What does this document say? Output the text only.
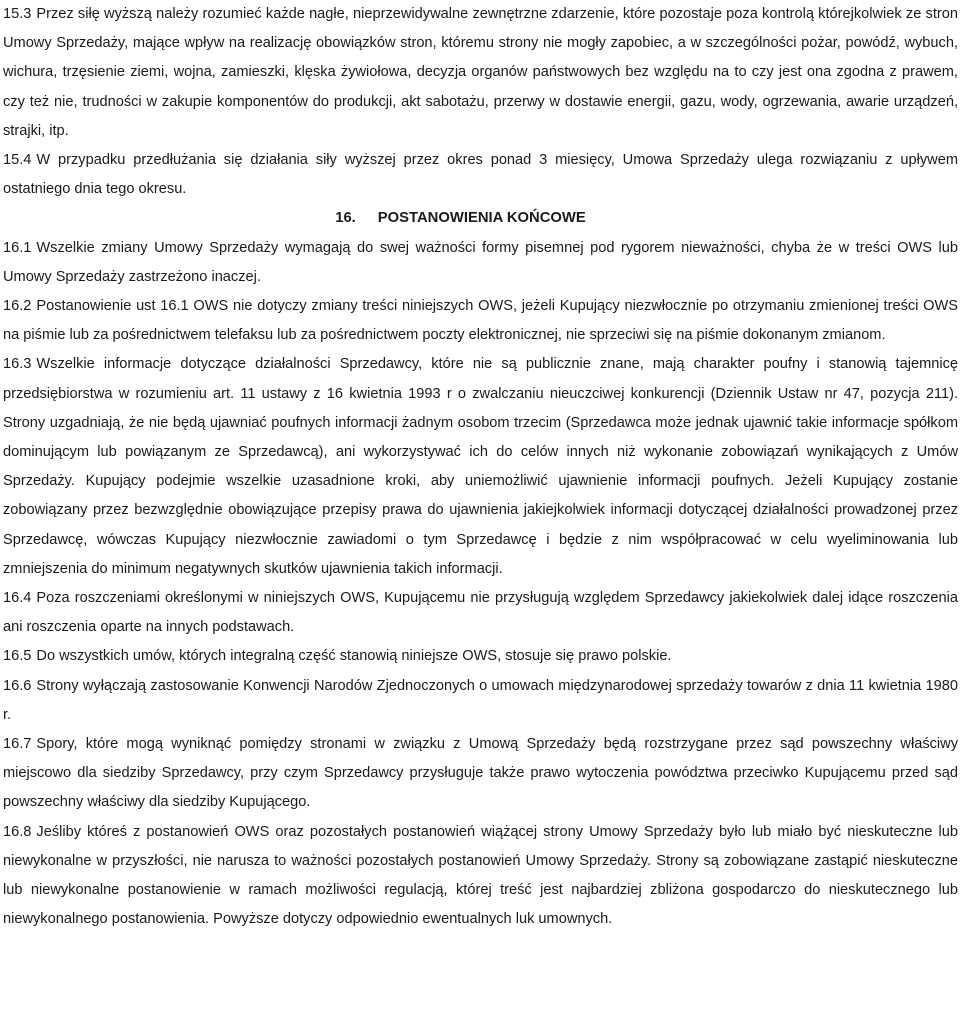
15.3 Przez siłę wyższą należy rozumieć każde nagłe, nieprzewidywalne zewnętrzne zdarzenie, które pozostaje poza kontrolą którejkolwiek ze stron Umowy Sprzedaży, mające wpływ na realizację obowiązków stron, któremu strony nie mogły zapobiec, a w szczególności pożar, powódź, wybuch, wichura, trzęsienie ziemi, wojna, zamieszki, klęska żywiołowa, decyzja organów państwowych bez względu na to czy jest ona zgodna z prawem, czy też nie, trudności w zakupie komponentów do produkcji, akt sabotażu, przerwy w dostawie energii, gazu, wody, ogrzewania, awarie urządzeń, strajki, itp.

15.4 W przypadku przedłużania się działania siły wyższej przez okres ponad 3 miesięcy, Umowa Sprzedaży ulega rozwiązaniu z upływem ostatniego dnia tego okresu.

16. POSTANOWIENIA KOŃCOWE

16.1 Wszelkie zmiany Umowy Sprzedaży wymagają do swej ważności formy pisemnej pod rygorem nieważności, chyba że w treści OWS lub Umowy Sprzedaży zastrzeżono inaczej.

16.2 Postanowienie ust 16.1 OWS nie dotyczy zmiany treści niniejszych OWS, jeżeli Kupujący niezwłocznie po otrzymaniu zmienionej treści OWS na piśmie lub za pośrednictwem telefaksu lub za pośrednictwem poczty elektronicznej, nie sprzeciwi się na piśmie dokonanym zmianom.

16.3 Wszelkie informacje dotyczące działalności Sprzedawcy, które nie są publicznie znane, mają charakter poufny i stanowią tajemnicę przedsiębiorstwa w rozumieniu art. 11 ustawy z 16 kwietnia 1993 r o zwalczaniu nieuczciwej konkurencji (Dziennik Ustaw nr 47, pozycja 211). Strony uzgadniają, że nie będą ujawniać poufnych informacji żadnym osobom trzecim (Sprzedawca może jednak ujawnić takie informacje spółkom dominującym lub powiązanym ze Sprzedawcą), ani wykorzystywać ich do celów innych niż wykonanie zobowiązań wynikających z Umów Sprzedaży. Kupujący podejmie wszelkie uzasadnione kroki, aby uniemożliwić ujawnienie informacji poufnych. Jeżeli Kupujący zostanie zobowiązany przez bezwzględnie obowiązujące przepisy prawa do ujawnienia jakiejkolwiek informacji dotyczącej działalności prowadzonej przez Sprzedawcę, wówczas Kupujący niezwłocznie zawiadomi o tym Sprzedawcę i będzie z nim współpracować w celu wyeliminowania lub zmniejszenia do minimum negatywnych skutków ujawnienia takich informacji.

16.4 Poza roszczeniami określonymi w niniejszych OWS, Kupującemu nie przysługują względem Sprzedawcy jakiekolwiek dalej idące roszczenia ani roszczenia oparte na innych podstawach.

16.5 Do wszystkich umów, których integralną część stanowią niniejsze OWS, stosuje się prawo polskie.

16.6 Strony wyłączają zastosowanie Konwencji Narodów Zjednoczonych o umowach międzynarodowej sprzedaży towarów z dnia 11 kwietnia 1980 r.

16.7 Spory, które mogą wyniknąć pomiędzy stronami w związku z Umową Sprzedaży będą rozstrzygane przez sąd powszechny właściwy miejscowo dla siedziby Sprzedawcy, przy czym Sprzedawcy przysługuje także prawo wytoczenia powództwa przeciwko Kupującemu przed sąd powszechny właściwy dla siedziby Kupującego.

16.8 Jeśliby któreś z postanowień OWS oraz pozostałych postanowień wiążącej strony Umowy Sprzedaży było lub miało być nieskuteczne lub niewykonalne w przyszłości, nie narusza to ważności pozostałych postanowień Umowy Sprzedaży. Strony są zobowiązane zastąpić nieskuteczne lub niewykonalne postanowienie w ramach możliwości regulacją, której treść jest najbardziej zbliżona gospodarczo do nieskutecznego lub niewykonalnego postanowienia. Powyższe dotyczy odpowiednio ewentualnych luk umownych.
